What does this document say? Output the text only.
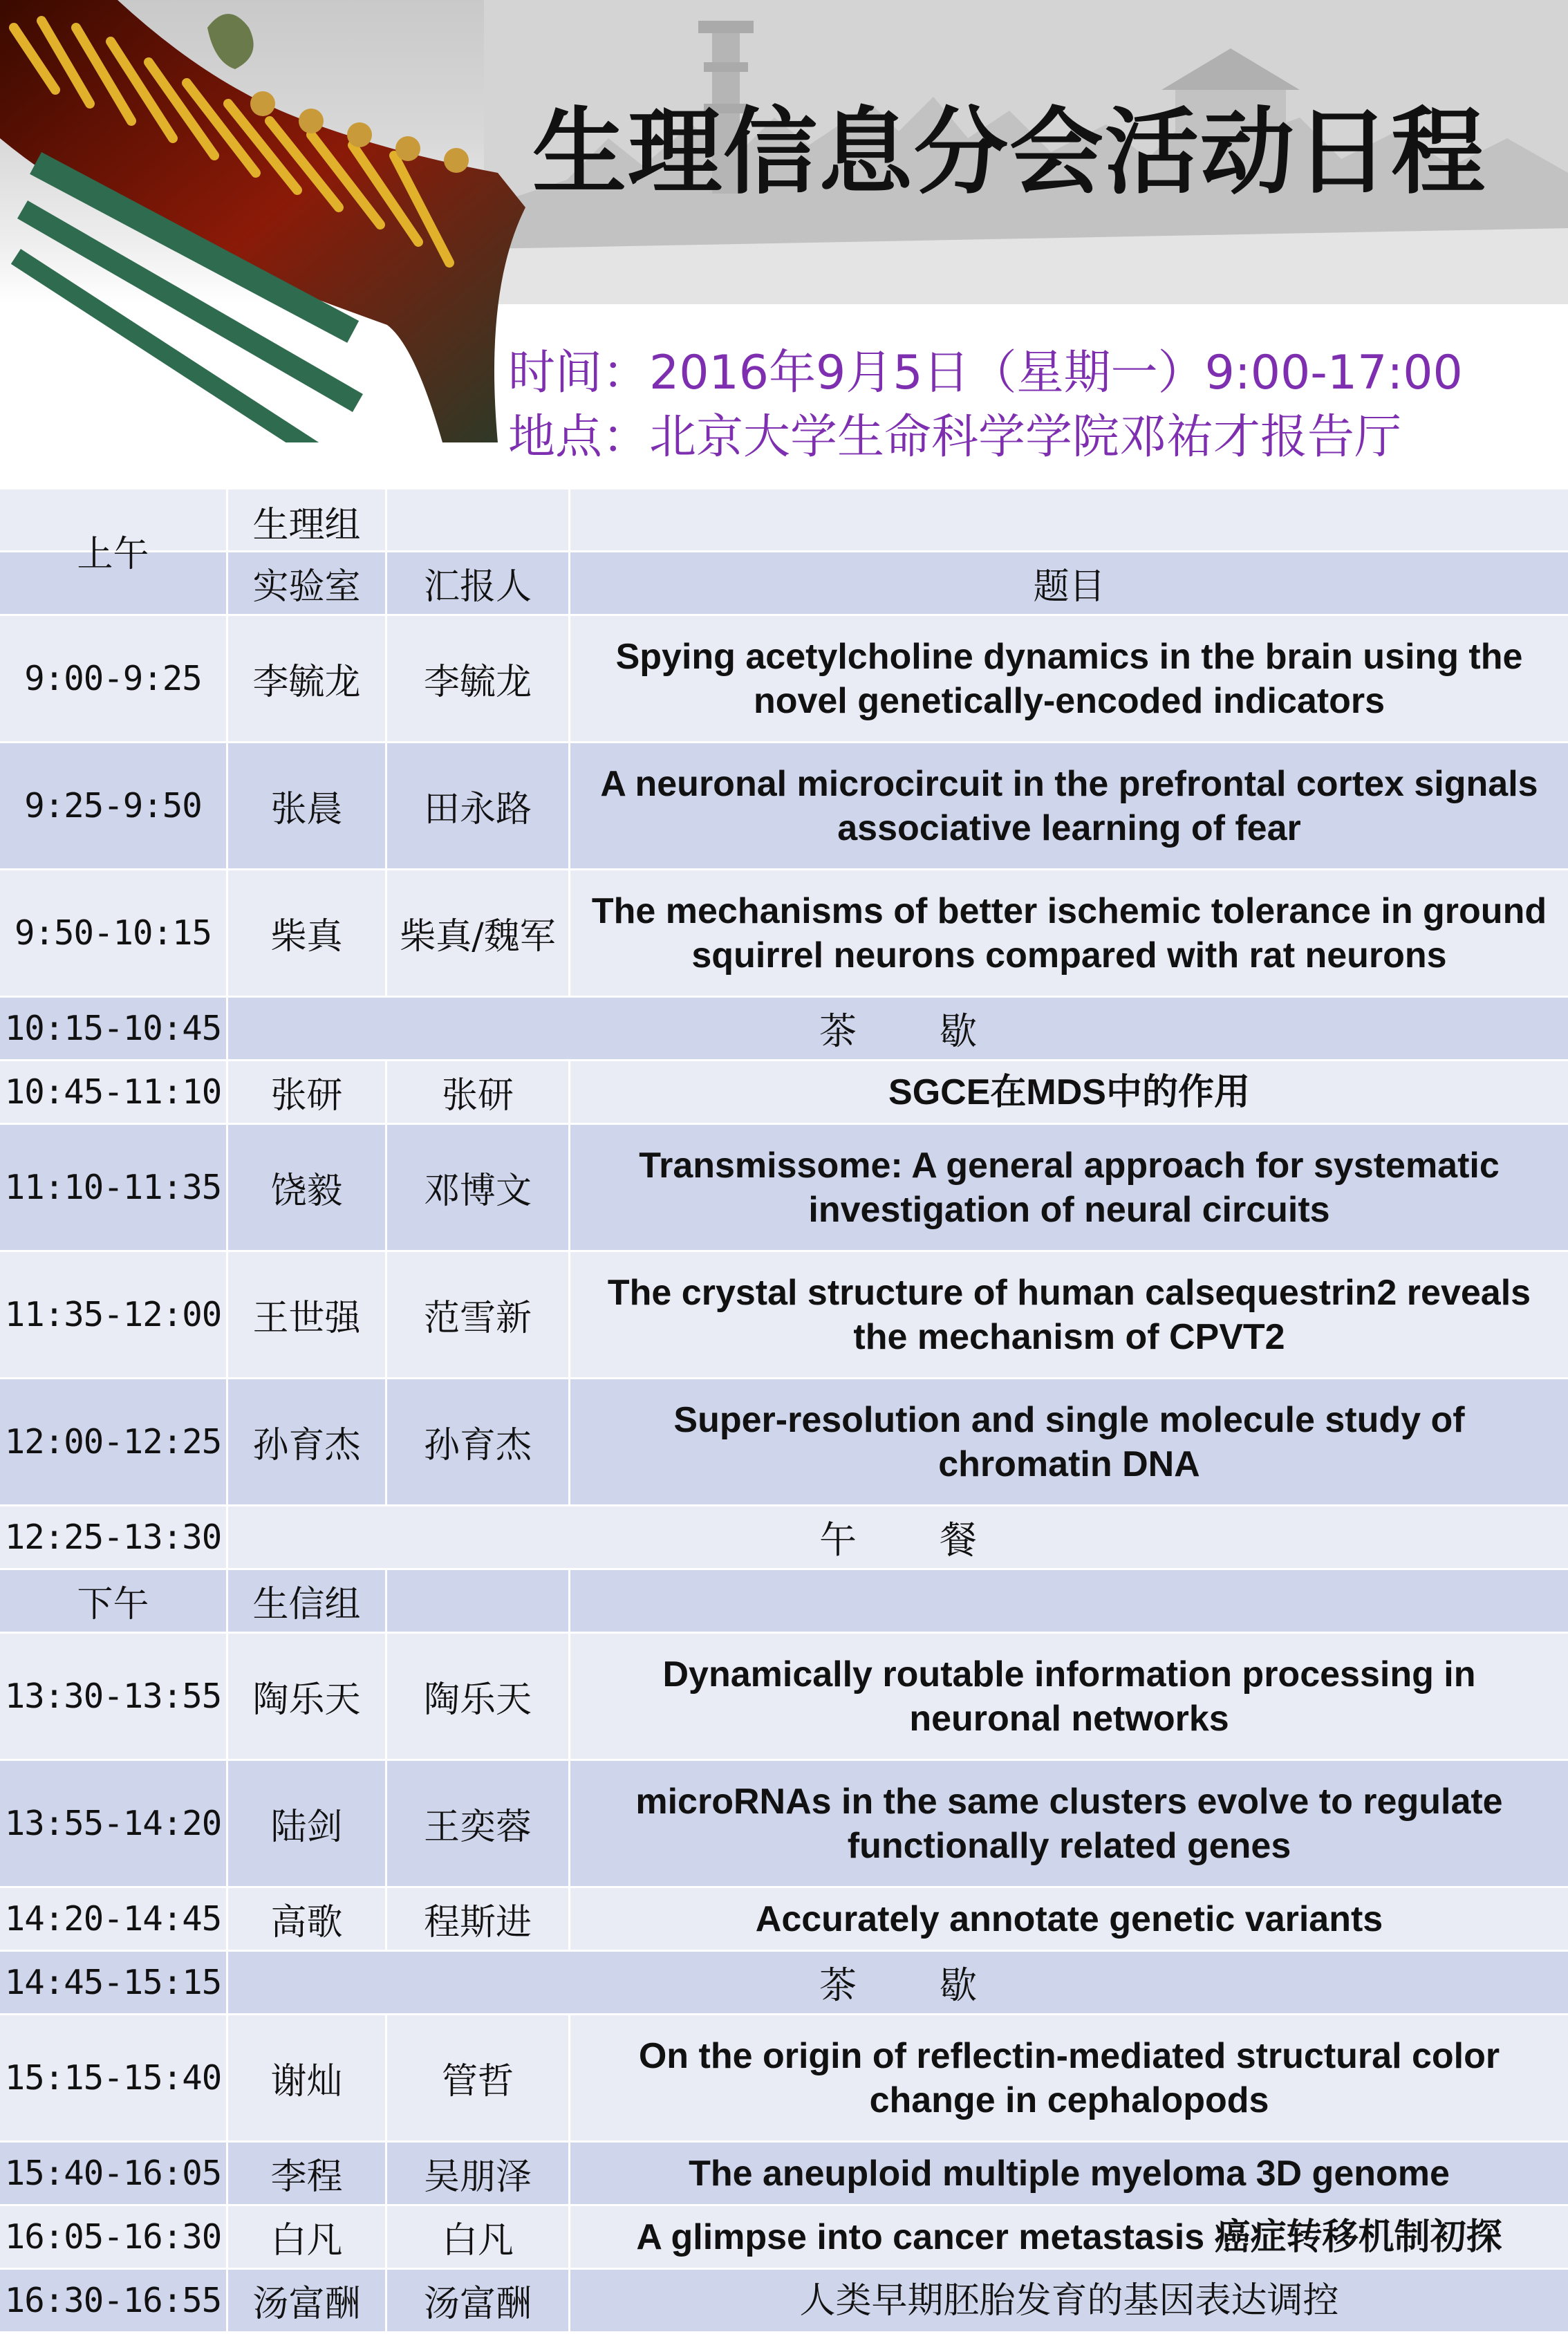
生理信息分会活动日程
时间：2016年9月5日（星期一）9:00-17:00
地点：北京大学生命科学学院邓祐才报告厅
生理组
上午
实验室 汇报人	题目
9:00-9:25	李毓龙	李毓龙
Spying acetylcholine dynamics in the brain using the novel genetically-encoded indicators
9:25-9:50	张晨	田永路
A neuronal microcircuit in the prefrontal cortex signals associative learning of fear
9:50-10:15	柴真	柴真/魏军
The mechanisms of better ischemic tolerance in ground squirrel neurons compared with rat neurons
10:15-10:45	茶歇
10:45-11:10	张研	张研	SGCE在MDS中的作用
11:10-11:35	饶毅	邓博文
Transmissome: A general approach for systematic investigation of neural circuits
11:35-12:00 王世强	范雪新
The crystal structure of human calsequestrin2 reveals the mechanism of CPVT2
12:00-12:25 孙育杰	孙育杰
Super-resolution and single molecule study of chromatin DNA
12:25-13:30	午餐
下午	生信组
13:30-13:55 陶乐天	陶乐天
Dynamically routable information processing in neuronal networks
13:55-14:20	陆剑	王奕蓉
microRNAs in the same clusters evolve to regulate functionally related genes
14:20-14:45	高歌	程斯进	Accurately annotate genetic variants
14:45-15:15	茶歇
15:15-15:40	谢灿	管哲
On the origin of reflectin-mediated structural color change in cephalopods
15:40-16:05	李程	吴朋泽	The aneuploid multiple myeloma 3D genome
16:05-16:30	白凡	白凡	A glimpse into cancer metastasis 癌症转移机制初探
16:30-16:55 汤富酬	汤富酬	人类早期胚胎发育的基因表达调控
